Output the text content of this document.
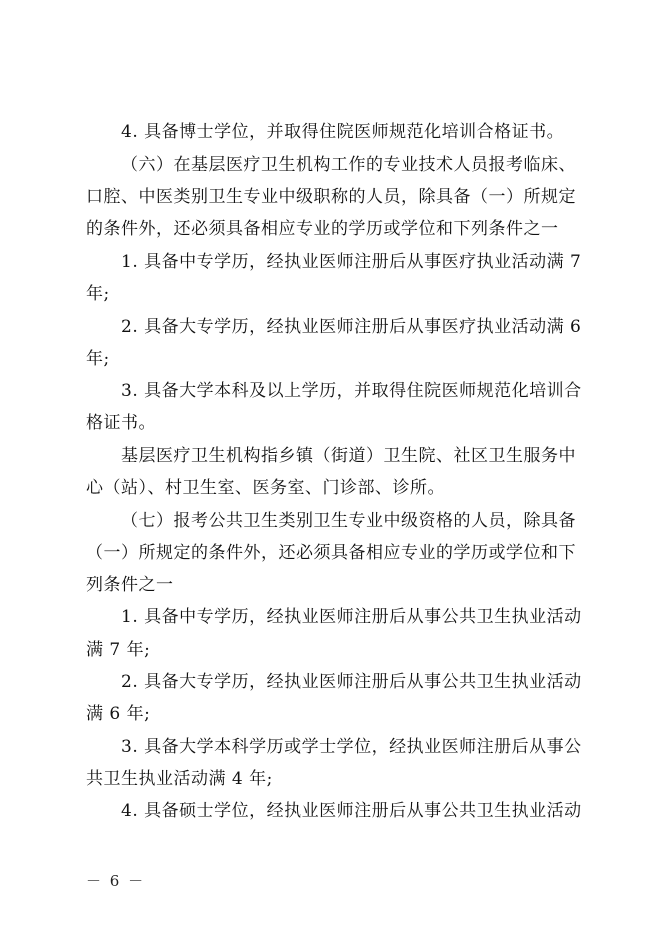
4. 具备博士学位，并取得住院医师规范化培训合格证书。
（六）在基层医疗卫生机构工作的专业技术人员报考临床、
口腔、中医类别卫生专业中级职称的人员，除具备（一）所规定
的条件外，还必须具备相应专业的学历或学位和下列条件之一
1. 具备中专学历，经执业医师注册后从事医疗执业活动满 7
年;
2. 具备大专学历，经执业医师注册后从事医疗执业活动满 6
年;
3. 具备大学本科及以上学历，并取得住院医师规范化培训合
格证书。
基层医疗卫生机构指乡镇（街道）卫生院、社区卫生服务中
心（站）、村卫生室、医务室、门诊部、诊所。
（七）报考公共卫生类别卫生专业中级资格的人员，除具备
（一）所规定的条件外，还必须具备相应专业的学历或学位和下
列条件之一
1. 具备中专学历，经执业医师注册后从事公共卫生执业活动
满 7 年;
2. 具备大专学历，经执业医师注册后从事公共卫生执业活动
满 6 年;
3. 具备大学本科学历或学士学位，经执业医师注册后从事公
共卫生执业活动满 4 年;
4. 具备硕士学位，经执业医师注册后从事公共卫生执业活动
－ 6 －
